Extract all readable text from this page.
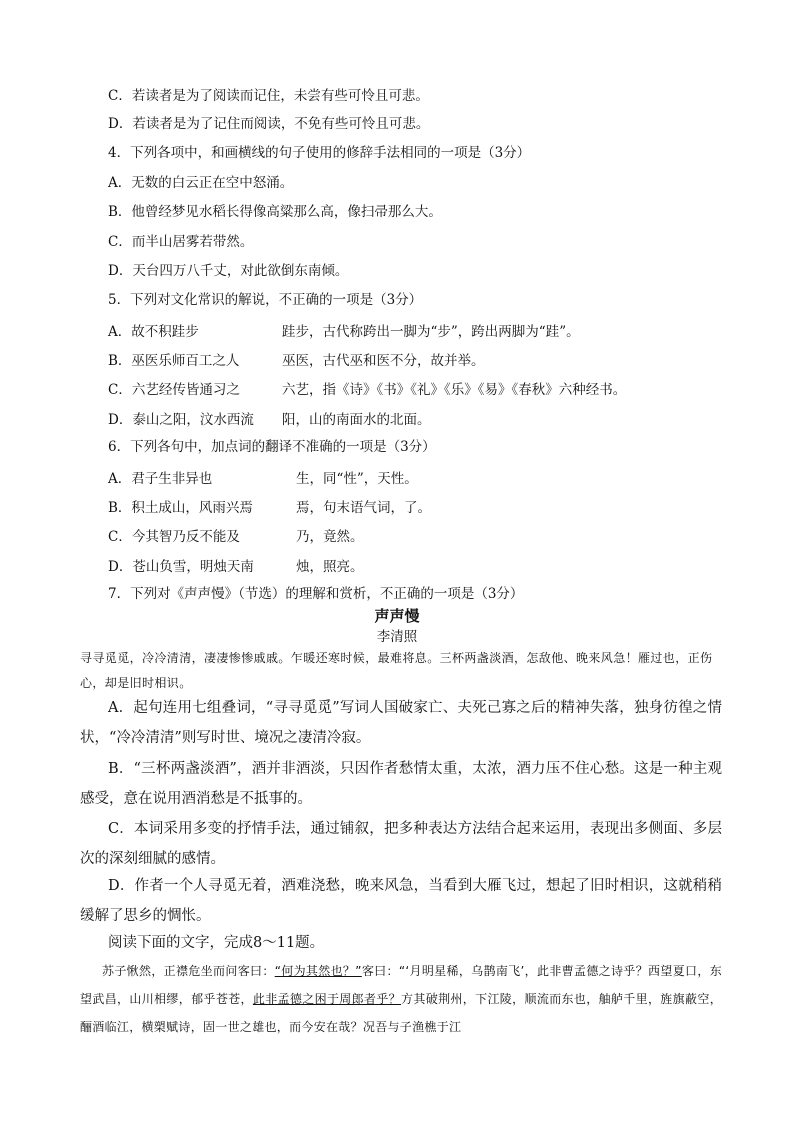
C．若读者是为了阅读而记住，未尝有些可怜且可悲。
D．若读者是为了记住而阅读，不免有些可怜且可悲。
4．下列各项中，和画横线的句子使用的修辞手法相同的一项是（3分）
A．无数的白云正在空中怒涌。
B．他曾经梦见水稻长得像高粱那么高，像扫帚那么大。
C．而半山居雾若带然。
D．天台四万八千丈，对此欲倒东南倾。
5．下列对文化常识的解说，不正确的一项是（3分）
A．故不积跬步	跬步，古代称跨出一脚为“步”，跨出两脚为“跬”。
B．巫医乐师百工之人	巫医，古代巫和医不分，故并举。
C．六艺经传皆通习之	六艺，指《诗》《书》《礼》《乐》《易》《春秋》六种经书。
D．泰山之阳，汶水西流 阳，山的南面水的北面。
6．下列各句中，加点词的翻译不准确的一项是（3分）
A．君子生非异也	生，同“性”，天性。
B．积土成山，风雨兴焉	焉，句末语气词，了。
C．今其智乃反不能及	乃，竟然。
D．苍山负雪，明烛天南	烛，照亮。
7．下列对《声声慢》（节选）的理解和赏析，不正确的一项是（3分）
声声慢
李清照
寻寻觅觅，冷冷清清，凄凄惨惨戚戚。乍暖还寒时候，最难将息。三杯两盏淡酒，怎敌他、晚来风急！雁过也，正伤心，却是旧时相识。
A．起句连用七组叠词，“寻寻觅觅”写词人国破家亡、夫死己寡之后的精神失落，独身彷徨之情状，“冷冷清清”则写时世、境况之凄清冷寂。
B．“三杯两盏淡酒”，酒并非酒淡，只因作者愁情太重，太浓，酒力压不住心愁。这是一种主观感受，意在说用酒消愁是不抵事的。
C．本词采用多变的抒情手法，通过铺叙，把多种表达方法结合起来运用，表现出多侧面、多层次的深刻细腻的感情。
D．作者一个人寻觅无着，酒难浇愁，晚来风急，当看到大雁飞过，想起了旧时相识，这就稍稍缓解了思乡的惆怅。
阅读下面的文字，完成8～11题。
苏子愀然，正襟危坐而问客曰：“何为其然也？”客曰：“‘月明星稀，乌鹊南飞’，此非曹孟德之诗乎？西望夏口，东望武昌，山川相缪，郁乎苍苍，此非孟德之困于周郎者乎？方其破荆州，下江陵，顺流而东也，舳舻千里，旌旗蔽空，酾酒临江，横槊赋诗，固一世之雄也，而今安在哉？况吾与子渔樵于江
